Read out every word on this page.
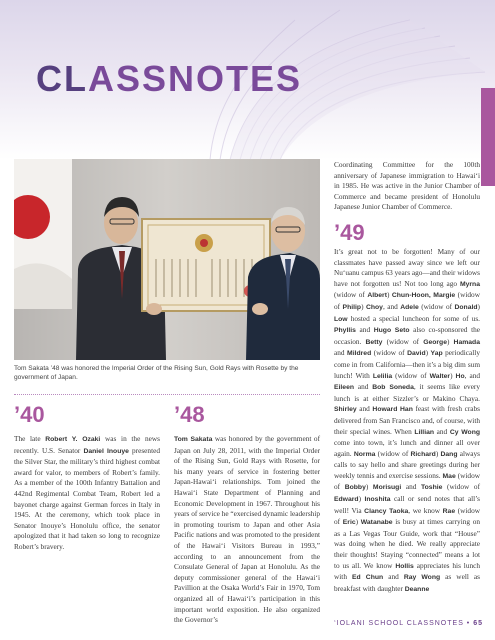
CLASSNOTES
Tom Sakata ’48 was honored the Imperial Order of the Rising Sun, Gold Rays with Rosette by the government of Japan.
’40
The late Robert Y. Ozaki was in the news recently. U.S. Senator Daniel Inouye presented the Silver Star, the military’s third highest combat award for valor, to members of Robert’s family. As a member of the 100th Infantry Battalion and 442nd Regimental Combat Team, Robert led a bayonet charge against German forces in Italy in 1945. At the ceremony, which took place in Senator Inouye’s Honolulu office, the senator apologized that it had taken so long to recognize Robert’s bravery.
’48
Tom Sakata was honored by the government of Japan on July 28, 2011, with the Imperial Order of the Rising Sun, Gold Rays with Rosette, for his many years of service in fostering better Japan-Hawai‘i relationships. Tom joined the Hawai‘i State Department of Planning and Economic Development in 1967. Throughout his years of service he “exercised dynamic leadership in promoting tourism to Japan and other Asia Pacific nations and was promoted to the president of the Hawai‘i Visitors Bureau in 1993,” according to an announcement from the Consulate General of Japan at Honolulu. As the deputy commissioner general of the Hawai‘i Pavillion at the Osaka World’s Fair in 1970, Tom organized all of Hawai‘i’s participation in this important world exposition. He also organized the Governor’s
Coordinating Committee for the 100th anniversary of Japanese immigration to Hawai‘i in 1985. He was active in the Junior Chamber of Commerce and became president of Honolulu Japanese Junior Chamber of Commerce.
’49
It’s great not to be forgotten! Many of our classmates have passed away since we left our Nu‘uanu campus 63 years ago—and their widows have not forgotten us! Not too long ago Myrna (widow of Albert) Chun-Hoon, Margie (widow of Philip) Choy, and Adele (widow of Donald) Low hosted a special luncheon for some of us. Phyllis and Hugo Seto also co-sponsored the occasion. Betty (widow of George) Hamada and Mildred (widow of David) Yap periodically come in from California—then it’s a big dim sum lunch! With Lelilia (widow of Walter) Ho, and Eileen and Bob Soneda, it seems like every lunch is at either Sizzler’s or Makino Chaya. Shirley and Howard Han feast with fresh crabs delivered from San Francisco and, of course, with their special wines. When Lillian and Cy Wong come into town, it’s lunch and dinner all over again. Norma (widow of Richard) Dang always calls to say hello and share greetings during her weekly tennis and exercise sessions. Mae (widow of Bobby) Morisugi and Toshie (widow of Edward) Inoshita call or send notes that all’s well! Via Clancy Taoka, we know Rae (widow of Eric) Watanabe is busy at times carrying on as a Las Vegas Tour Guide, work that “House” was doing when he died. We really appreciate their thoughts! Staying “connected” means a lot to us all. We know Hollis appreciates his lunch with Ed Chun and Ray Wong as well as breakfast with daughter Deanne
‘IOLANI SCHOOL CLASSNOTES • 65
